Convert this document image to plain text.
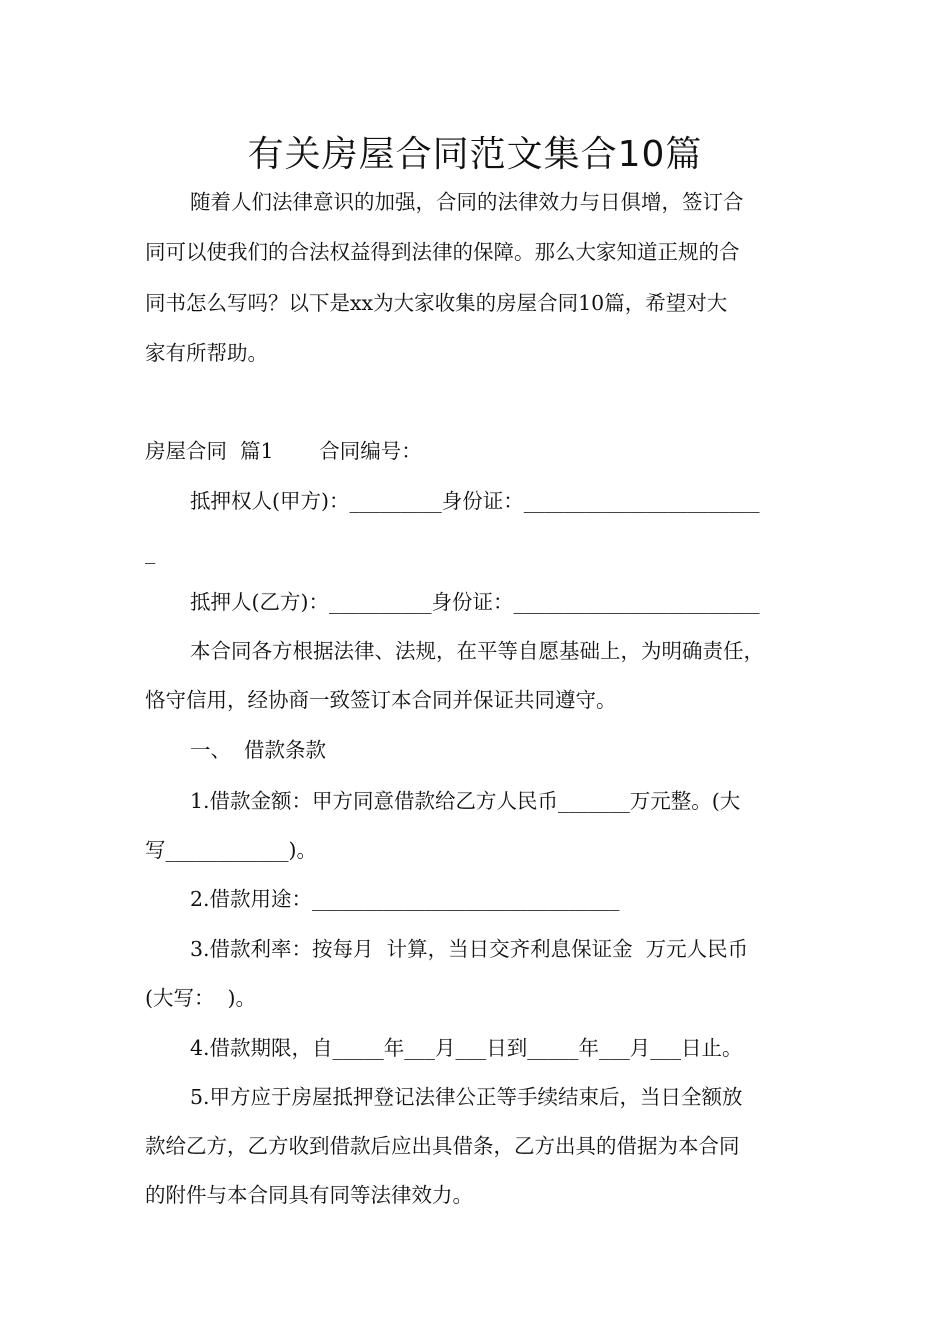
有关房屋合同范文集合10篇
随着人们法律意识的加强，合同的法律效力与日俱增，签订合
同可以使我们的合法权益得到法律的保障。那么大家知道正规的合
同书怎么写吗？以下是xx为大家收集的房屋合同10篇，希望对大
家有所帮助。
房屋合同  篇1       合同编号：
抵押权人(甲方)：_________身份证：_______________________
_
抵押人(乙方)：__________身份证：________________________
本合同各方根据法律、法规，在平等自愿基础上，为明确责任，
恪守信用，经协商一致签订本合同并保证共同遵守。
一、  借款条款
1.借款金额：甲方同意借款给乙方人民币_______万元整。(大
写____________)。
2.借款用途：______________________________
3.借款利率：按每月  计算，当日交齐利息保证金  万元人民币
(大写：  )。
4.借款期限，自_____年___月___日到_____年___月___日止。
5.甲方应于房屋抵押登记法律公正等手续结束后，当日全额放
款给乙方，乙方收到借款后应出具借条，乙方出具的借据为本合同
的附件与本合同具有同等法律效力。
